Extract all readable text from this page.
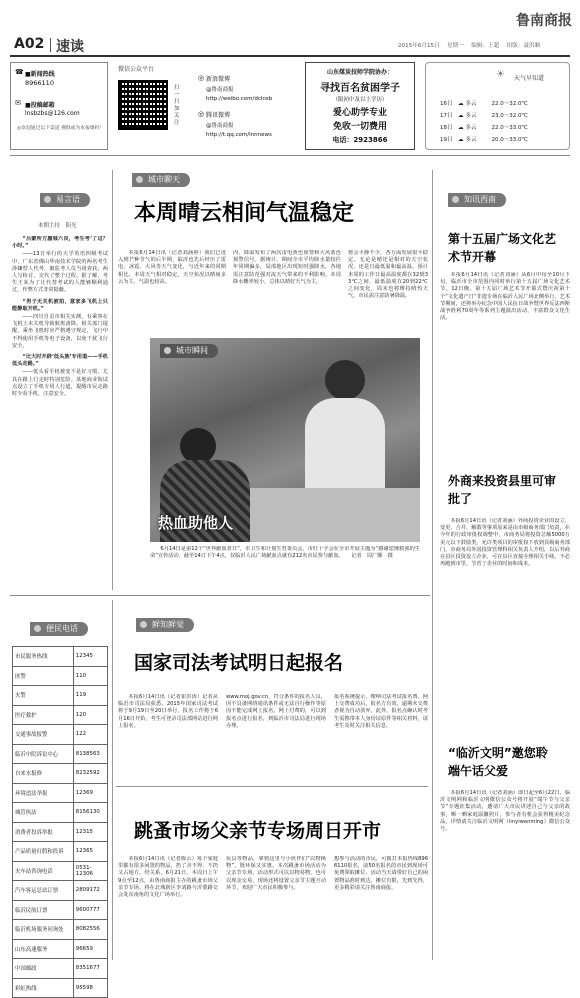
鲁南商报
A02 速读	2015年6月15日　 星期一　 编辑：王超　 组版：聂洪顺
☎ ■新闻热线
8966110
✉ ■投稿邮箱
lnsbzbs@126.com
◎欢迎通过以下渠道 搜群或为本报爆料！
微信公众平台
扫一扫 加关注
◎ 新浪微博
@鲁南商报
http://weibo.com/dclnsb
◎ 腾讯微博
@鲁南商报
http://t.qq.com/lnnnews
山东煤炭技师学院协办：
寻找百名贫困学子
（限初中及以上学历）
爱心助学专业
免收一切费用
电话：2923866
☀ 天气早知道
16日 ☁ 多云	22.0～32.0℃
17日 ☁ 多云	23.0～32.0℃
18日 ☁ 多云	22.0～33.0℃
19日 ☁ 多云	20.0～33.0℃
易言语
本期主持　阳光

“吕蒙所方蜃城六良，考生考‘了这？小时。”

——13日举行的大学英语四级考试中，广东省佛山华南技术学院的两名考生涉嫌替人代考，被监考人员当场查获，两人写检讨，交代了整个过程。据了解，考生王某为了让代替考试的人能够顺利通过，作弊方式非常隐蔽。

“男子无关机被拍，意家多飞机上只能静取开机。”

——四川自贡市相关实测，有乘客在飞机上未关机导致航班备降。相关部门提醒，乘坐飞机时应严格遵守规定，飞行中不得使用手机等电子设备，以免干扰飞行安全。

“比大时开辟‘低头族’专用道——手机低头走路。”

——低头看手机被变不是好习惯，尤其在路上行走时特别危险。某地商业街试点设立了手机专用人行道，提醒市民走路时少看手机，注意安全。

城市聊天
本周晴云相间气温稳定
本报6月14日讯（记者刘涵婷）我们已进入到芒种节气的后半期，临沂也先后经历了雷电、冰雹、大风等天气变化，与近年来的同期相比，本周天气相对稳定，天空状况以晴间多云为主，气温也较高。
内，降温发布了两次雷电黄色预警和大风蓝色预警信号。据统计，期间全市平均降水量较往年同期偏多，局部地区出现短时强降水，各地需注意防范强对流天气带来的不利影响。本周降水概率较小，总体以晴好天气为主。
将会平静不少，各方面发展很平稳定，无论是晴还是相对的天空状况，还是日最低温和最高温。预计本周的工作日最高温度都在32到33℃之间，最低温度在20到22℃之间变化，周末也将维持晴热天气，市民需注意防暑降温。
热血助他人
城市瞬间
6月14日是第12个“世界献血者日”，市卫生和计划生育委员会、市红十字会在全市开展主题为“感谢您挽救我的生命”宣传活动，截至14日下午4点，仅临沂人民广场献血点就有212名市民参与献血。 记者　周广顺　摄
知讯西南
第十五届广场文化艺术节开幕
本报6月14日讯（记者刘涵）从6月中旬至10月下旬，临沂市全市范围内同时举行第十五届广场文化艺术节。12日晚，第十五届广场艺术节开幕式暨庆祝第十个“文化遗产日”非遗专场在临沂人民广场北侧举行，艺术节期间，还将举办纪念中国人民抗日战争暨世界反法西斯战争胜利70周年等系列主题演出活动，丰富群众文化生活。
外商来投资县里可审批了
本报6月14日讯（记者刘涵）外商投资企业的设立、变更、合并、解散等事项原来是由市级商务部门负责，在今年的行政审批权调整中，市商务局将投资总额5000万美元以下鼓励类、允许类项目的审批权下放到县级商务部门。市商务局外国投资管理科相关负责人介绍，以后外商在县区投资设立企业，可在县区直接办理相关手续，不必再跑到市里，节省了企业的时间和成本。
“临沂文明”邀您聆端午话父爱
本报6月14日讯（记者刘涵）即日起至6月22日，临沂文明网和临沂文明微信公众号将开展“端午节与父亲节”专题征集活动，邀请广大市民讲述自己与父亲的故事，晒一晒家庭温馨照片，参与者有机会获得精美纪念品，详情请关注临沂文明网（linyiwenming）微信公众号。
便民电话
市民服务热线	12345
匪警	110
火警	119
医疗救护	120
交通事故报警	122
临沂中院诉讼中心	8138563
自来水报修	8232592
环境违法举报	12369
城管执法	8156130
消费者投诉举报	12315
产品质量打假和投诉	12365
火车站咨询电话	0531-12306
汽车客运总站订票	2809172
临沂民航订票	9600777
临沂机场服务问询处	8082556
山东高速服务	96659
中国邮政	8351677
彩虹热线	95598
鲜知鲜觉
国家司法考试明日起报名
本报6月14日讯（记者崔洪涛）记者从临沂市司法局获悉，2015年国家司法考试将于9月19日至20日举行，报名工作将于6月16日开始，考生可登录司法部网站进行网上报名。
www.moj.gov.cn，符合条件的报名人员，因不具备网络通讯条件或无法自行操作等原因不能完成网上报名，网上付费的，可以到报名点进行报名，到临沂市司法局进行现场办理。
报名系统提示，缴纳司法考试报名费。网上交费成功后，报名方有效，逾期未交费者视为自动放弃。此外，报名点确认时考生需携带本人身份证原件等相关材料，请考生及时关注相关信息。
跳蚤市场父亲节专场周日开市
本报6月14日讯（记者陈云）每个家庭里都有很多闲置的物品，扔了舍不得，不扔又占地方。经关系，6月21日，本周日上午9点至12点，由鲁南商报主办的跳蚤市场父亲节专场，将在北城新区李刘路与沂蒙路交会处东南角的文化广场举行。
玩具等物品，拿到这里与小伙伴们“以物换物”，既环保又实惠。本次跳蚤市场活动为父亲节专场，活动形式可以以物易物，也可以现金交易，现场还将设置父亲节主题互动环节，欢迎广大市民积极参与。
想参与活动的市民，可拨打本报热线8966110报名，前50名报名的市民到现场可免费领取摊位，活动当天请带好自己的闲置物品准时到达，摊位有限，先到先得，更多精彩请关注鲁南商报。
